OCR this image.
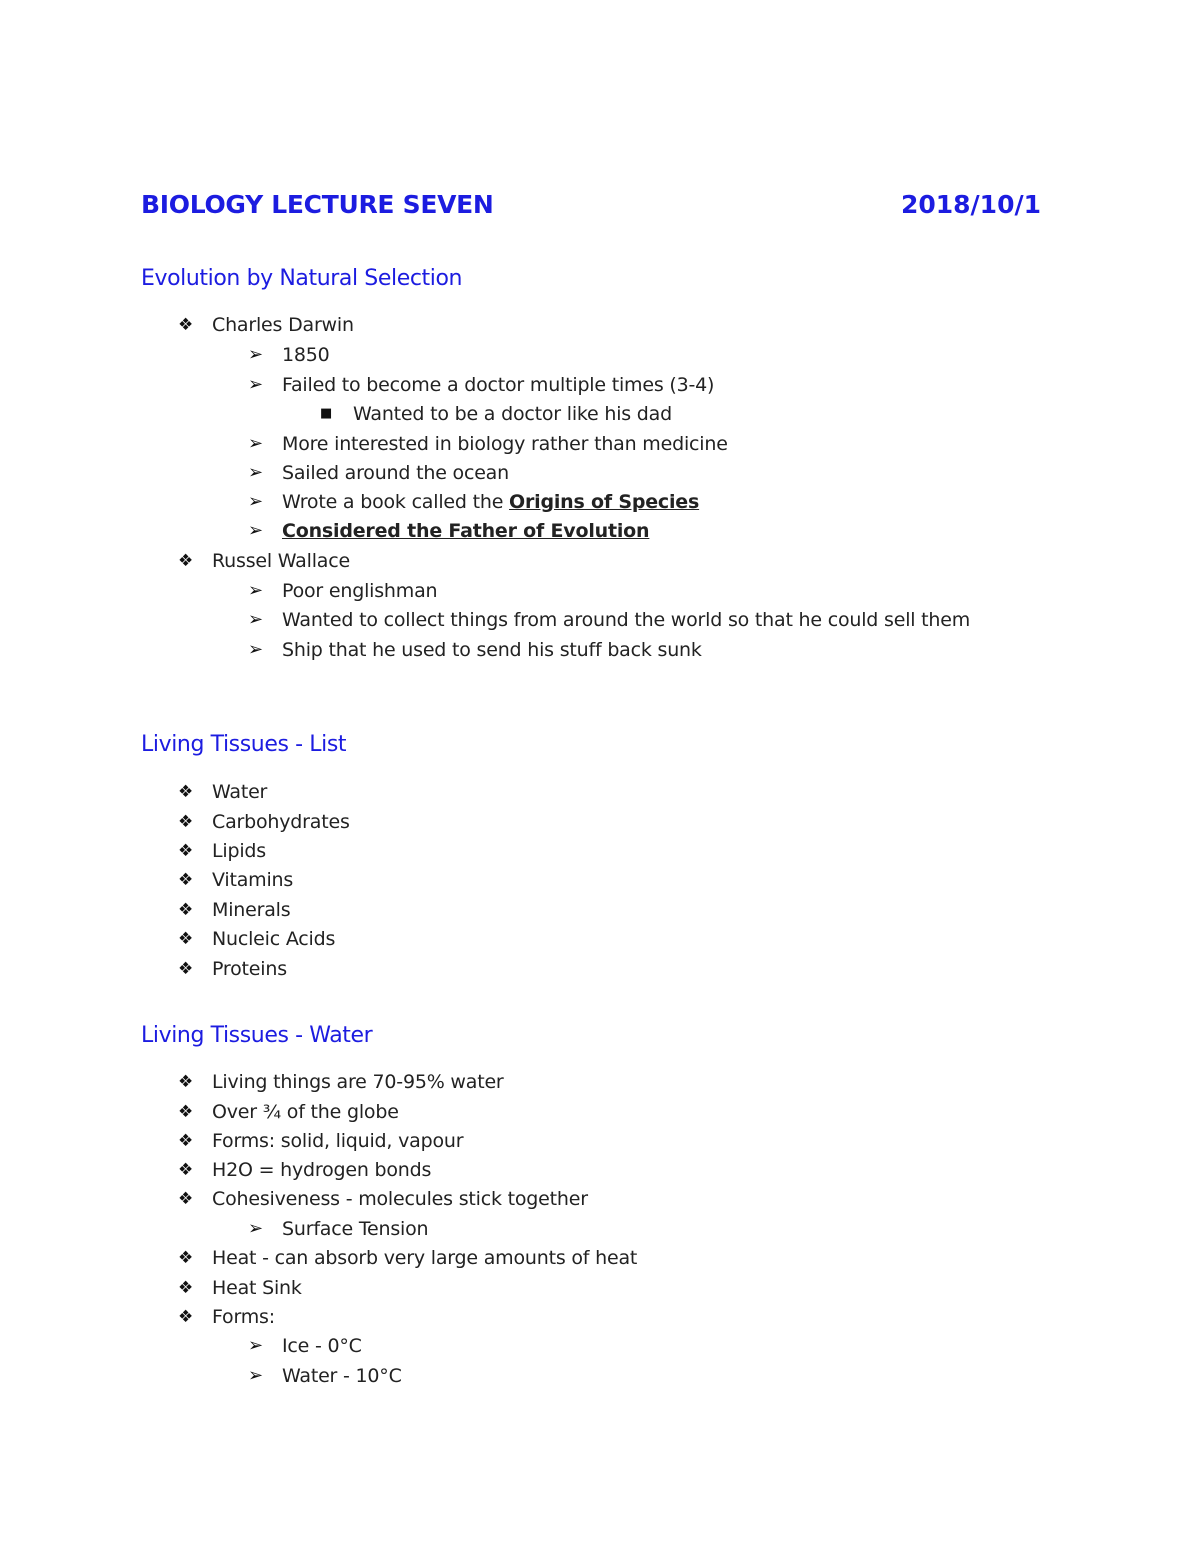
BIOLOGY LECTURE SEVEN	2018/10/1
Evolution by Natural Selection
❖ Charles Darwin
➢ 1850
➢ Failed to become a doctor multiple times (3-4)
■ Wanted to be a doctor like his dad
➢ More interested in biology rather than medicine
➢ Sailed around the ocean
➢ Wrote a book called the Origins of Species
➢ Considered the Father of Evolution
❖ Russel Wallace
➢ Poor englishman
➢ Wanted to collect things from around the world so that he could sell them
➢ Ship that he used to send his stuff back sunk
Living Tissues - List
❖ Water
❖ Carbohydrates
❖ Lipids
❖ Vitamins
❖ Minerals
❖ Nucleic Acids
❖ Proteins
Living Tissues - Water
❖ Living things are 70-95% water
❖ Over ¾ of the globe
❖ Forms: solid, liquid, vapour
❖ H2O = hydrogen bonds
❖ Cohesiveness - molecules stick together
➢ Surface Tension
❖ Heat - can absorb very large amounts of heat
❖ Heat Sink
❖ Forms:
➢ Ice - 0°C
➢ Water - 10°C
